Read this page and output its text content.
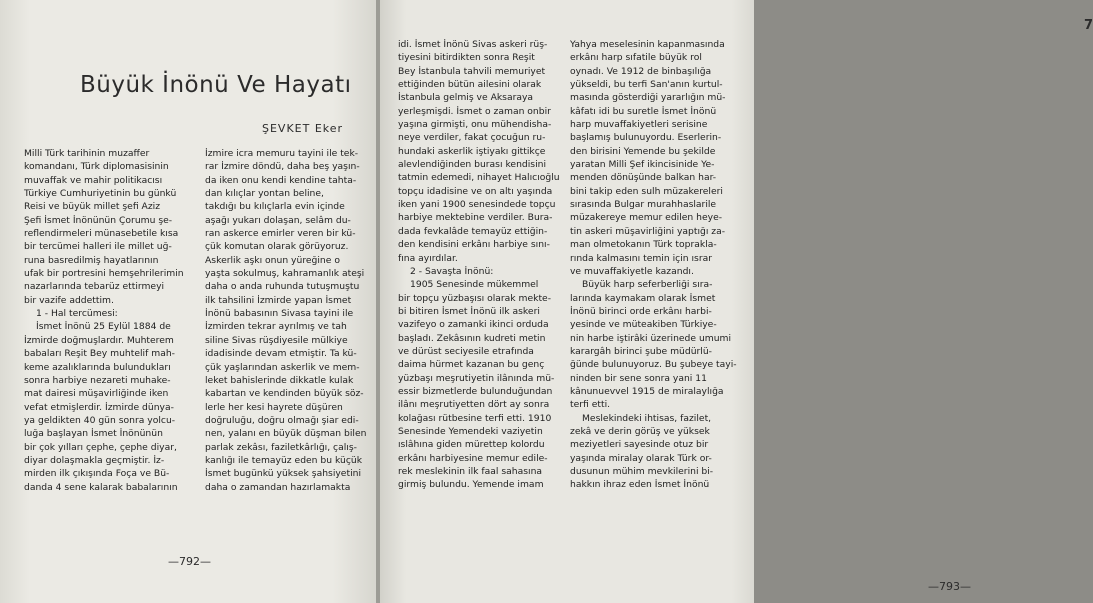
Büyük İnönü Ve Hayatı
ŞEVKET Eker
Milli Türk tarihinin muzaffer
komandanı, Türk diplomasisinin
muvaffak ve mahir politikacısı
Türkiye Cumhuriyetinin bu günkü
Reisi ve büyük millet şefi Aziz
Şefi İsmet İnönünün Çorumu şe-
reflendirmeleri münasebetile kısa
bir tercümei halleri ile millet uğ-
runa basredilmiş hayatlarının
ufak bir portresini hemşehrilerimin
nazarlarında tebarüz ettirmeyi
bir vazife addettim.
1 - Hal tercümesi:
İsmet İnönü 25 Eylül 1884 de
İzmirde doğmuşlardır. Muhterem
babaları Reşit Bey muhtelif mah-
keme azalıklarında bulundukları
sonra harbiye nezareti muhake-
mat dairesi müşavirliğinde iken
vefat etmişlerdir. İzmirde dünya-
ya geldikten 40 gün sonra yolcu-
luğa başlayan İsmet İnönünün
bir çok yılları çephe, çephe diyar,
diyar dolaşmakla geçmiştir. İz-
mirden ilk çıkışında Foça ve Bü-
danda 4 sene kalarak babalarının
İzmire icra memuru tayini ile tek-
rar İzmire döndü, daha beş yaşın-
da iken onu kendi kendine tahta-
dan kılıçlar yontan beline,
takdığı bu kılıçlarla evin içinde
aşağı yukarı dolaşan, selâm du-
ran askerce emirler veren bir kü-
çük komutan olarak görüyoruz.
Askerlik aşkı onun yüreğine o
yaşta sokulmuş, kahramanlık ateşi
daha o anda ruhunda tutuşmuştu
ilk tahsilini İzmirde yapan İsmet
İnönü babasının Sivasa tayini ile
İzmirden tekrar ayrılmış ve tah
siline Sivas rüşdiyesile mülkiye
idadisinde devam etmiştir. Ta kü-
çük yaşlarından askerlik ve mem-
leket bahislerinde dikkatle kulak
kabartan ve kendinden büyük söz-
lerle her kesi hayrete düşüren
doğruluğu, doğru olmağı şiar edi-
nen, yalanı en büyük düşman bilen
parlak zekâsı, faziletkârlığı, çalış-
kanlığı ile temayüz eden bu küçük
İsmet bugünkü yüksek şahsiyetini
daha o zamandan hazırlamakta
—792—
7
idi. İsmet İnönü Sivas askeri rüş-
tiyesini bitirdikten sonra Reşit
Bey İstanbula tahvili memuriyet
ettiğinden bütün ailesini olarak
İstanbula gelmiş ve Aksaraya
yerleşmişdi. İsmet o zaman onbir
yaşına girmişti, onu mühendisha-
neye verdiler, fakat çocuğun ru-
hundaki askerlik iştiyakı gittikçe
alevlendiğinden burası kendisini
tatmin edemedi, nihayet Halıcıoğlu
topçu idadisine ve on altı yaşında
iken yani 1900 senesindede topçu
harbiye mektebine verdiler. Bura-
dada fevkalâde temayüz ettiğin-
den kendisini erkânı harbiye sını-
fına ayırdılar.
2 - Savaşta İnönü:
1905 Senesinde mükemmel
bir topçu yüzbaşısı olarak mekte-
bi bitiren İsmet İnönü ilk askeri
vazifeyo o zamanki ikinci orduda
başladı. Zekâsının kudreti metin
ve dürüst seciyesile etrafında
daima hürmet kazanan bu genç
yüzbaşı meşrutiyetin ilânında mü-
essir bizmetlerde bulunduğundan
ilânı meşrutiyetten dört ay sonra
kolağası rütbesine terfi etti. 1910
Senesinde Yemendeki vaziyetin
ıslâhına giden mürettep kolordu
erkânı harbiyesine memur edile-
rek meslekinin ilk faal sahasına
girmiş bulundu. Yemende imam
Yahya meselesinin kapanmasında
erkânı harp sıfatile büyük rol
oynadı. Ve 1912 de binbaşılığa
yükseldi, bu terfi San'anın kurtul-
masında gösterdiği yararlığın mü-
kâfatı idi bu suretle İsmet İnönü
harp muvaffakiyetleri serisine
başlamış bulunuyordu. Eserlerin-
den birisini Yemende bu şekilde
yaratan Milli Şef ikincisinide Ye-
menden dönüşünde balkan har-
bini takip eden sulh müzakereleri
sırasında Bulgar murahhaslarile
müzakereye memur edilen heye-
tin askeri müşavirliğini yaptığı za-
man olmetokanın Türk toprakla-
rında kalmasını temin için ısrar
ve muvaffakiyetle kazandı.
Büyük harp seferberliği sıra-
larında kaymakam olarak İsmet
İnönü birinci orde erkânı harbi-
yesinde ve müteakiben Türkiye-
nin harbe iştirâki üzerinede umumi
karargâh birinci şube müdürlü-
ğünde bulunuyoruz. Bu şubeye tayi-
ninden bir sene sonra yani 11
kânunuevvel 1915 de miralaylığa
terfi etti.
Meslekindeki ihtisas, fazilet,
zekâ ve derin görüş ve yüksek
meziyetleri sayesinde otuz bir
yaşında miralay olarak Türk or-
dusunun mühim mevkilerini bi-
hakkın ihraz eden İsmet İnönü
—793—
